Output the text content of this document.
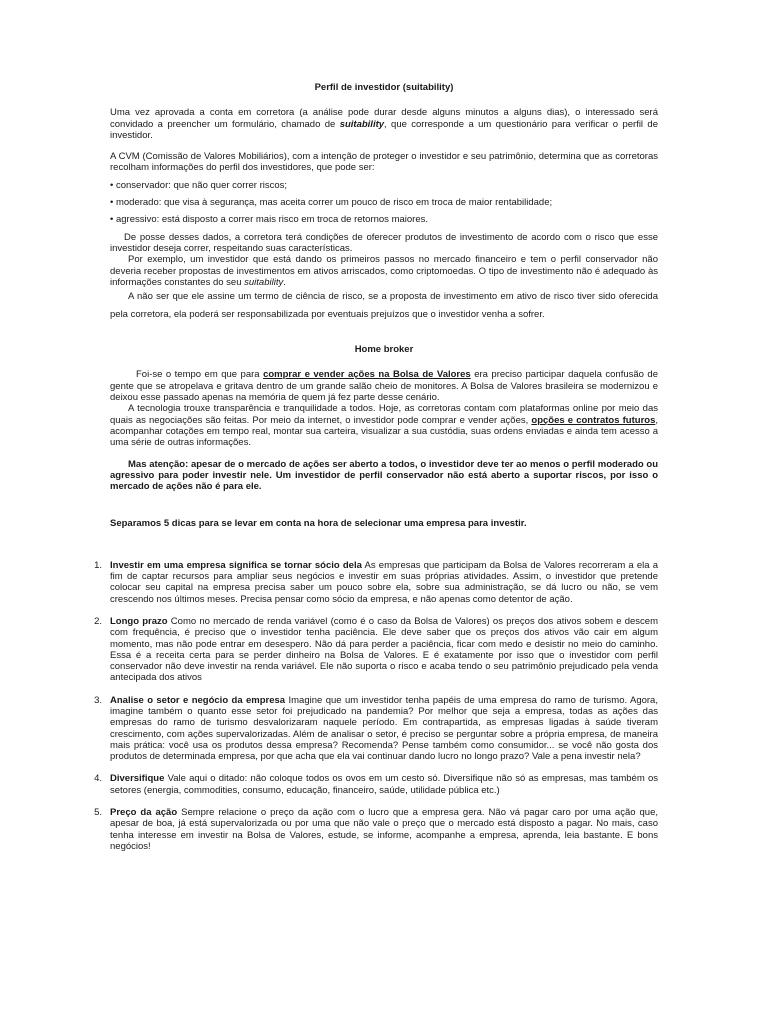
Perfil de investidor (suitability)

Uma vez aprovada a conta em corretora (a análise pode durar desde alguns minutos a alguns dias), o interessado será convidado a preencher um formulário, chamado de suitability, que corresponde a um questionário para verificar o perfil de investidor.

A CVM (Comissão de Valores Mobiliários), com a intenção de proteger o investidor e seu patrimônio, determina que as corretoras recolham informações do perfil dos investidores, que pode ser:

• conservador: que não quer correr riscos;

• moderado: que visa à segurança, mas aceita correr um pouco de risco em troca de maior rentabilidade;

• agressivo: está disposto a correr mais risco em troca de retornos maiores.

De posse desses dados, a corretora terá condições de oferecer produtos de investimento de acordo com o risco que esse investidor deseja correr, respeitando suas características.

Por exemplo, um investidor que está dando os primeiros passos no mercado financeiro e tem o perfil conservador não deveria receber propostas de investimentos em ativos arriscados, como criptomoedas. O tipo de investimento não é adequado às informações constantes do seu suitability.

A não ser que ele assine um termo de ciência de risco, se a proposta de investimento em ativo de risco tiver sido oferecida pela corretora, ela poderá ser responsabilizada por eventuais prejuízos que o investidor venha a sofrer.

Home broker

Foi-se o tempo em que para comprar e vender ações na Bolsa de Valores era preciso participar daquela confusão de gente que se atropelava e gritava dentro de um grande salão cheio de monitores. A Bolsa de Valores brasileira se modernizou e deixou esse passado apenas na memória de quem já fez parte desse cenário.

A tecnologia trouxe transparência e tranquilidade a todos. Hoje, as corretoras contam com plataformas online por meio das quais as negociações são feitas. Por meio da internet, o investidor pode comprar e vender ações, opções e contratos futuros, acompanhar cotações em tempo real, montar sua carteira, visualizar a sua custódia, suas ordens enviadas e ainda tem acesso a uma série de outras informações.

Mas atenção: apesar de o mercado de ações ser aberto a todos, o investidor deve ter ao menos o perfil moderado ou agressivo para poder investir nele. Um investidor de perfil conservador não está aberto a suportar riscos, por isso o mercado de ações não é para ele.

Separamos 5 dicas para se levar em conta na hora de selecionar uma empresa para investir.

1. Investir em uma empresa significa se tornar sócio dela As empresas que participam da Bolsa de Valores recorreram a ela a fim de captar recursos para ampliar seus negócios e investir em suas próprias atividades. Assim, o investidor que pretende colocar seu capital na empresa precisa saber um pouco sobre ela, sobre sua administração, se dá lucro ou não, se vem crescendo nos últimos meses. Precisa pensar como sócio da empresa, e não apenas como detentor de ação.

2. Longo prazo Como no mercado de renda variável (como é o caso da Bolsa de Valores) os preços dos ativos sobem e descem com frequência, é preciso que o investidor tenha paciência. Ele deve saber que os preços dos ativos vão cair em algum momento, mas não pode entrar em desespero. Não dá para perder a paciência, ficar com medo e desistir no meio do caminho. Essa é a receita certa para se perder dinheiro na Bolsa de Valores. E é exatamente por isso que o investidor com perfil conservador não deve investir na renda variável. Ele não suporta o risco e acaba tendo o seu patrimônio prejudicado pela venda antecipada dos ativos

3. Analise o setor e negócio da empresa Imagine que um investidor tenha papéis de uma empresa do ramo de turismo. Agora, imagine também o quanto esse setor foi prejudicado na pandemia? Por melhor que seja a empresa, todas as ações das empresas do ramo de turismo desvalorizaram naquele período. Em contrapartida, as empresas ligadas à saúde tiveram crescimento, com ações supervalorizadas. Além de analisar o setor, é preciso se perguntar sobre a própria empresa, de maneira mais prática: você usa os produtos dessa empresa? Recomenda? Pense também como consumidor... se você não gosta dos produtos de determinada empresa, por que acha que ela vai continuar dando lucro no longo prazo? Vale a pena investir nela?

4. Diversifique Vale aqui o ditado: não coloque todos os ovos em um cesto só. Diversifique não só as empresas, mas também os setores (energia, commodities, consumo, educação, financeiro, saúde, utilidade pública etc.)

5. Preço da ação Sempre relacione o preço da ação com o lucro que a empresa gera. Não vá pagar caro por uma ação que, apesar de boa, já está supervalorizada ou por uma que não vale o preço que o mercado está disposto a pagar. No mais, caso tenha interesse em investir na Bolsa de Valores, estude, se informe, acompanhe a empresa, aprenda, leia bastante. E bons negócios!
